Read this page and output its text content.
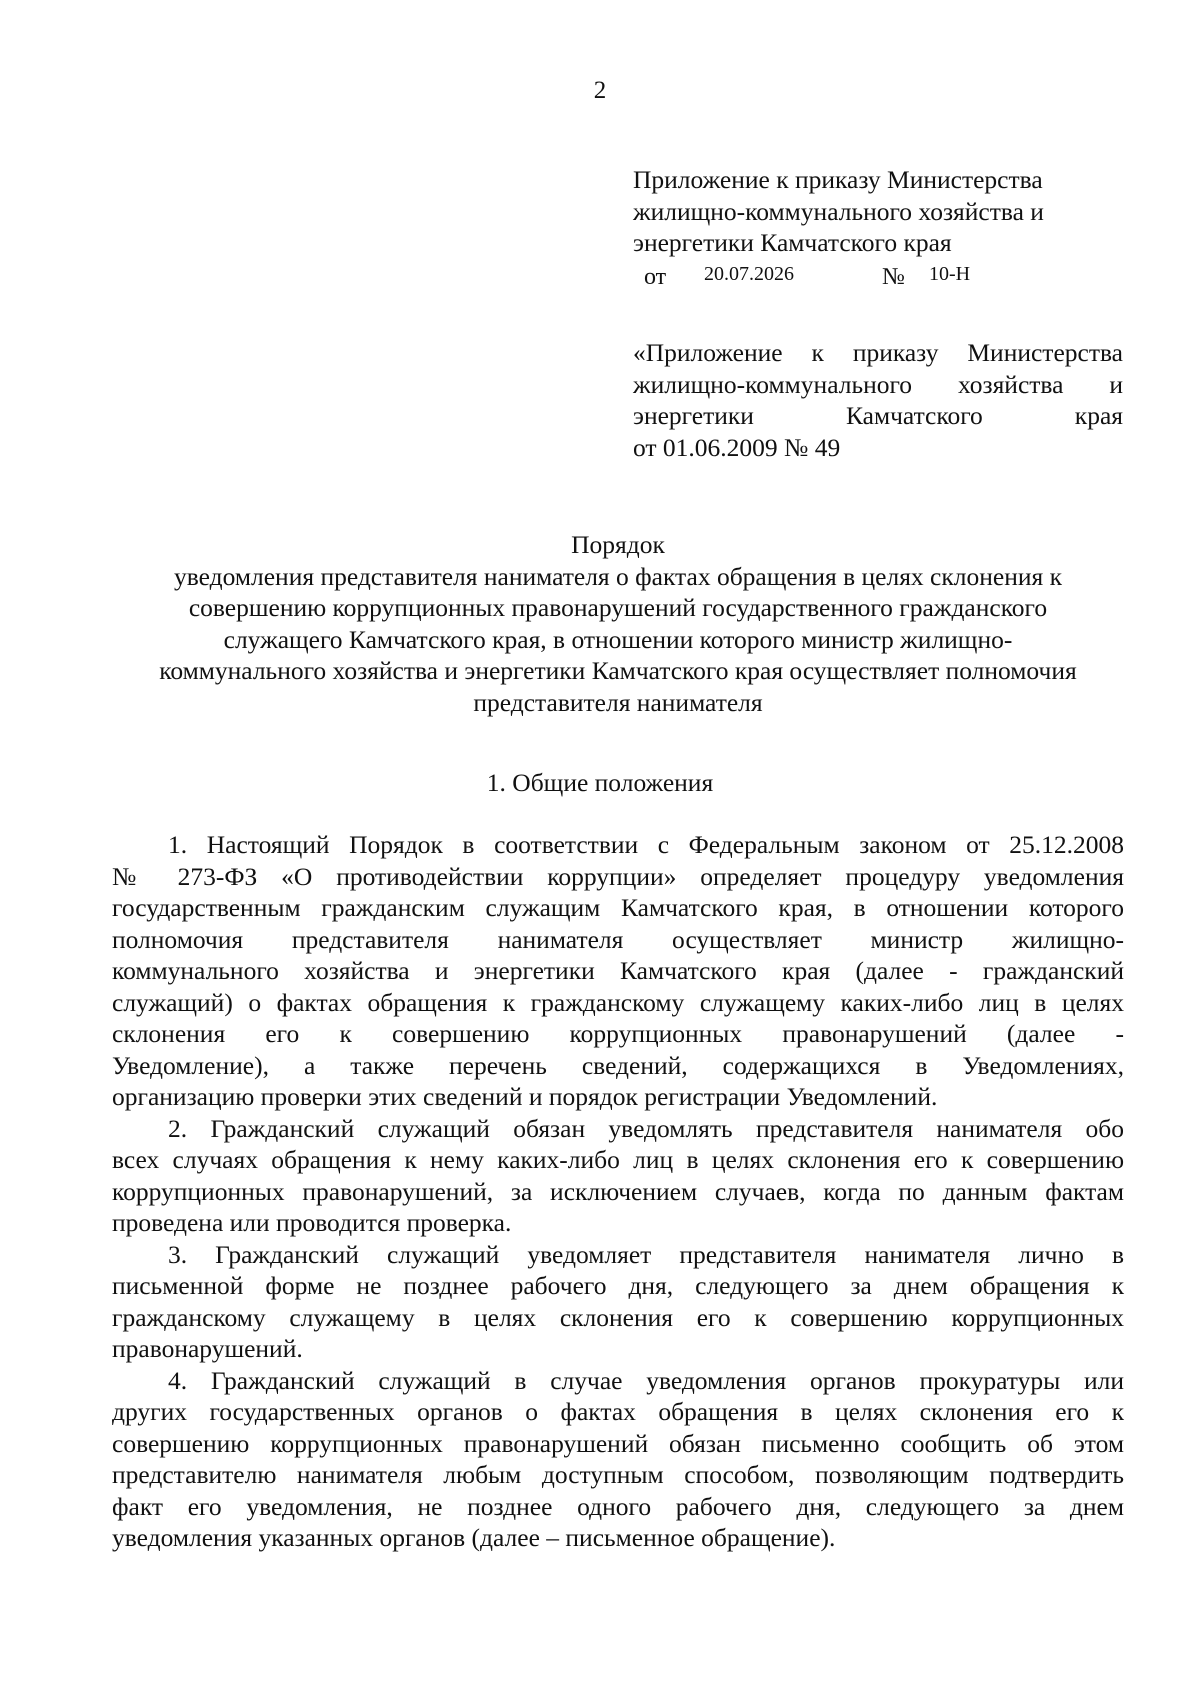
2
Приложение к приказу Министерства
жилищно-коммунального хозяйства и
энергетики Камчатского края
от 20.07.2026	№ 10-Н
«Приложение к приказу Министерства
жилищно-коммунального хозяйства и
энергетики Камчатского края
от 01.06.2009 № 49
Порядок
уведомления представителя нанимателя о фактах обращения в целях склонения к
совершению коррупционных правонарушений государственного гражданского
служащего Камчатского края, в отношении которого министр жилищно-
коммунального хозяйства и энергетики Камчатского края осуществляет полномочия
представителя нанимателя
1. Общие положения
1. Настоящий Порядок в соответствии с Федеральным законом от 25.12.2008
№ 273-ФЗ «О противодействии коррупции» определяет процедуру уведомления
государственным гражданским служащим Камчатского края, в отношении которого
полномочия представителя нанимателя осуществляет министр жилищно-
коммунального хозяйства и энергетики Камчатского края (далее - гражданский
служащий) о фактах обращения к гражданскому служащему каких-либо лиц в целях
склонения его к совершению коррупционных правонарушений (далее -
Уведомление), а также перечень сведений, содержащихся в Уведомлениях,
организацию проверки этих сведений и порядок регистрации Уведомлений.
2. Гражданский служащий обязан уведомлять представителя нанимателя обо
всех случаях обращения к нему каких-либо лиц в целях склонения его к совершению
коррупционных правонарушений, за исключением случаев, когда по данным фактам
проведена или проводится проверка.
3. Гражданский служащий уведомляет представителя нанимателя лично в
письменной форме не позднее рабочего дня, следующего за днем обращения к
гражданскому служащему в целях склонения его к совершению коррупционных
правонарушений.
4. Гражданский служащий в случае уведомления органов прокуратуры или
других государственных органов о фактах обращения в целях склонения его к
совершению коррупционных правонарушений обязан письменно сообщить об этом
представителю нанимателя любым доступным способом, позволяющим подтвердить
факт его уведомления, не позднее одного рабочего дня, следующего за днем
уведомления указанных органов (далее – письменное обращение).
